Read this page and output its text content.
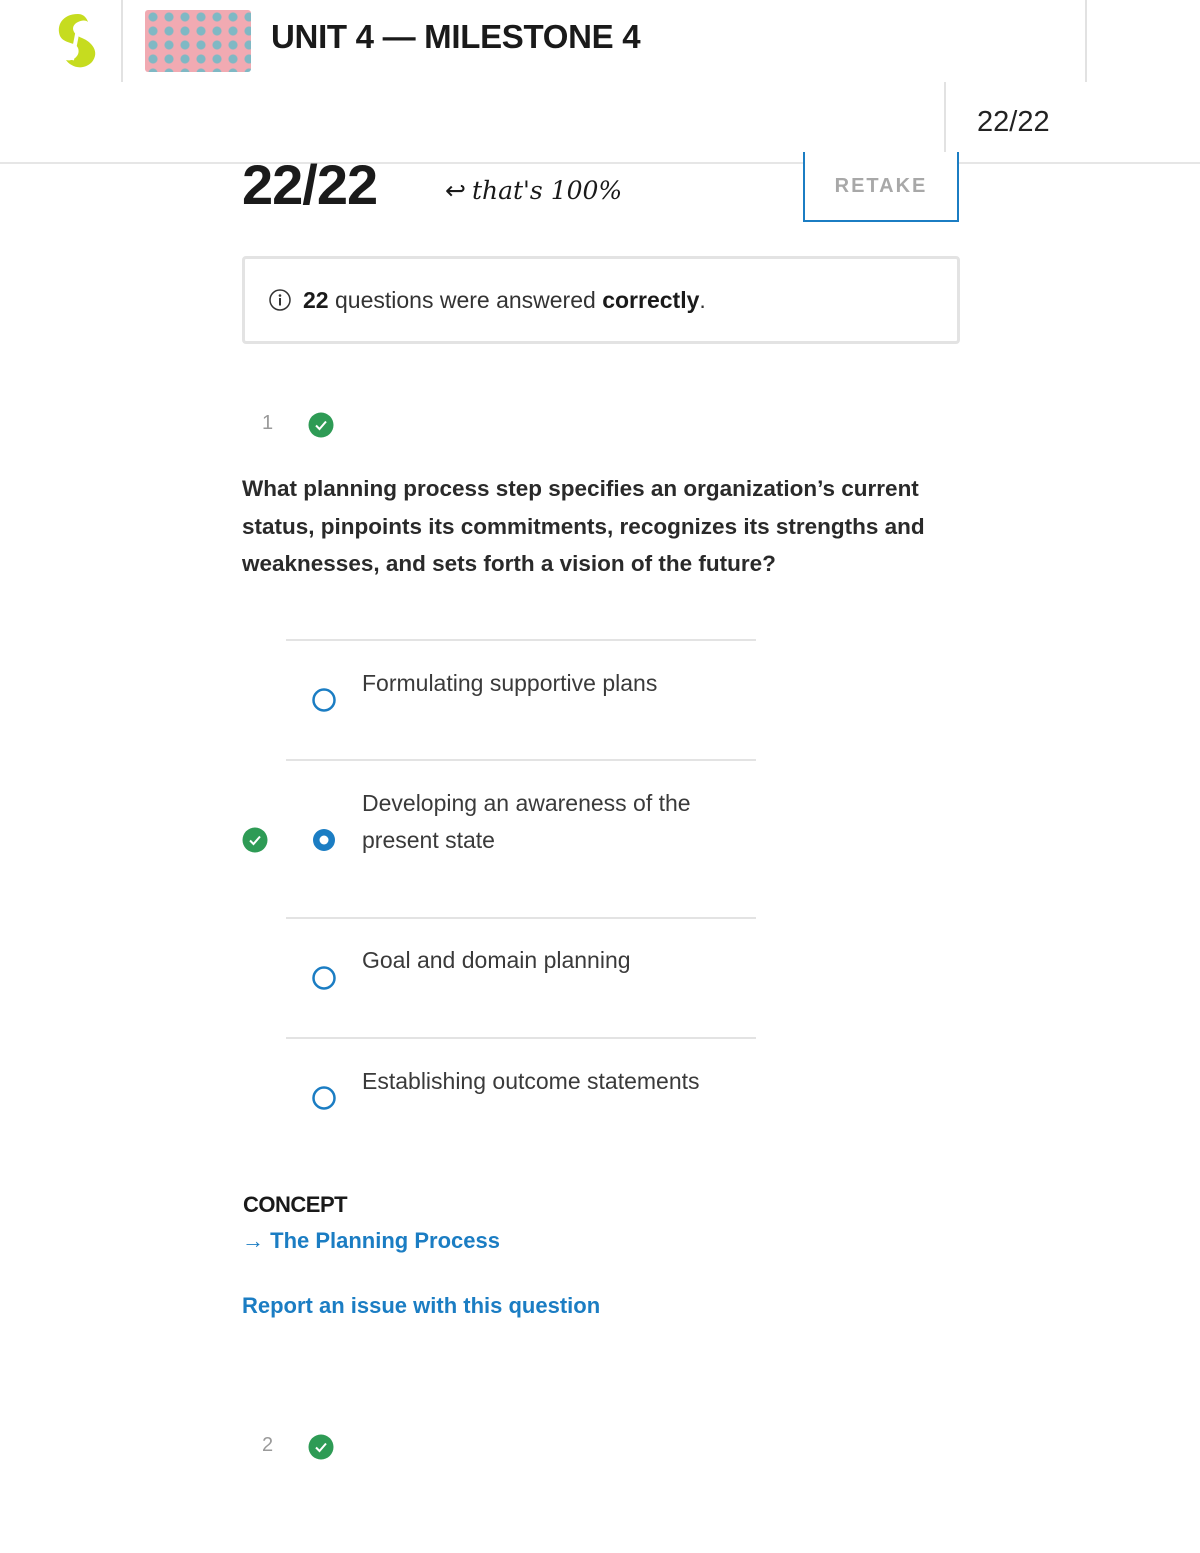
UNIT 4 — MILESTONE 4
22/22
22/22	↩ that's 100%	RETAKE
22 questions were answered correctly.
1
What planning process step specifies an organization’s current status, pinpoints its commitments, recognizes its strengths and weaknesses, and sets forth a vision of the future?
Formulating supportive plans
Developing an awareness of the present state
Goal and domain planning
Establishing outcome statements
CONCEPT
→ The Planning Process
Report an issue with this question
2
